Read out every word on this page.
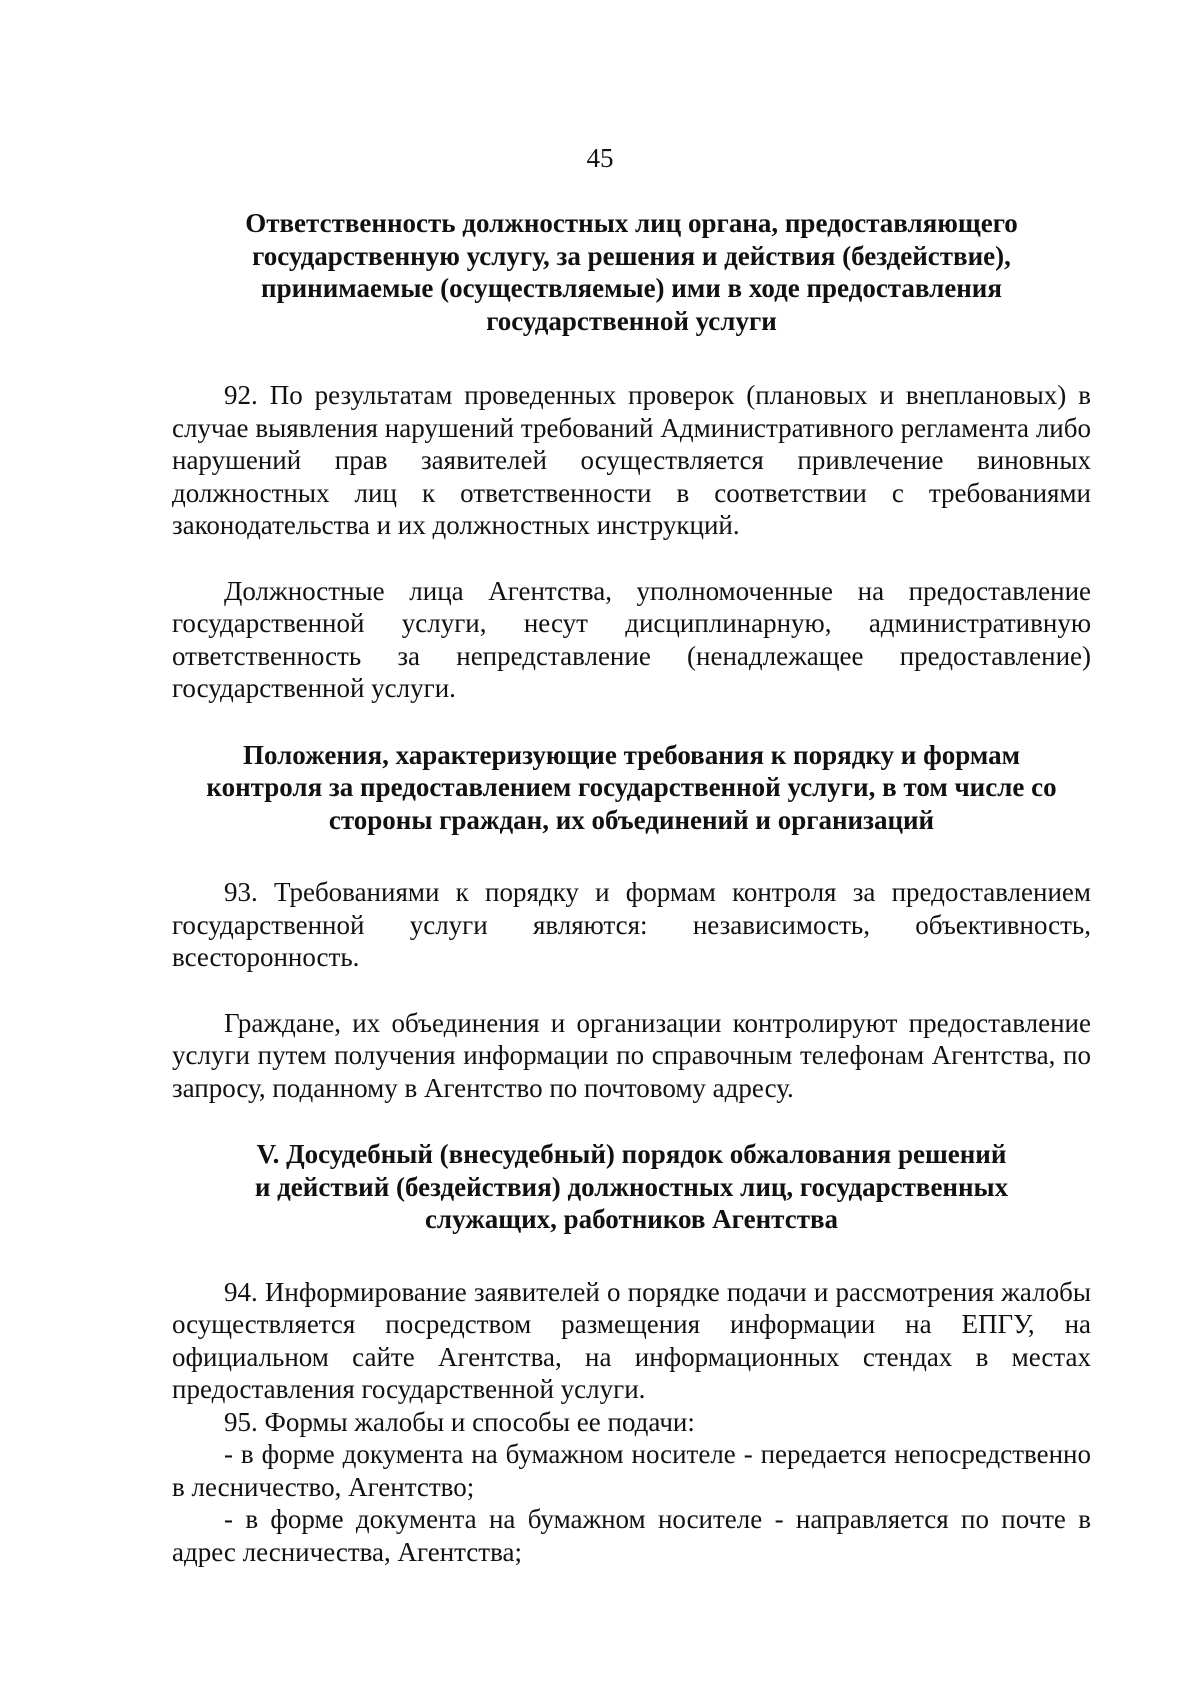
45
Ответственность должностных лиц органа, предоставляющего
государственную услугу, за решения и действия (бездействие),
принимаемые (осуществляемые) ими в ходе предоставления
государственной услуги

92. По результатам проведенных проверок (плановых и внеплановых) в случае выявления нарушений требований Административного регламента либо нарушений прав заявителей осуществляется привлечение виновных должностных лиц к ответственности в соответствии с требованиями законодательства и их должностных инструкций.

Должностные лица Агентства, уполномоченные на предоставление государственной услуги, несут дисциплинарную, административную ответственность за непредставление (ненадлежащее предоставление) государственной услуги.

Положения, характеризующие требования к порядку и формам
контроля за предоставлением государственной услуги, в том числе со
стороны граждан, их объединений и организаций

93. Требованиями к порядку и формам контроля за предоставлением государственной услуги являются: независимость, объективность, всесторонность.

Граждане, их объединения и организации контролируют предоставление услуги путем получения информации по справочным телефонам Агентства, по запросу, поданному в Агентство по почтовому адресу.

V. Досудебный (внесудебный) порядок обжалования решений
и действий (бездействия) должностных лиц, государственных
служащих, работников Агентства

94. Информирование заявителей о порядке подачи и рассмотрения жалобы осуществляется посредством размещения информации на ЕПГУ, на официальном сайте Агентства, на информационных стендах в местах предоставления государственной услуги.

95. Формы жалобы и способы ее подачи:

- в форме документа на бумажном носителе - передается непосредственно в лесничество, Агентство;

- в форме документа на бумажном носителе - направляется по почте в адрес лесничества, Агентства;
